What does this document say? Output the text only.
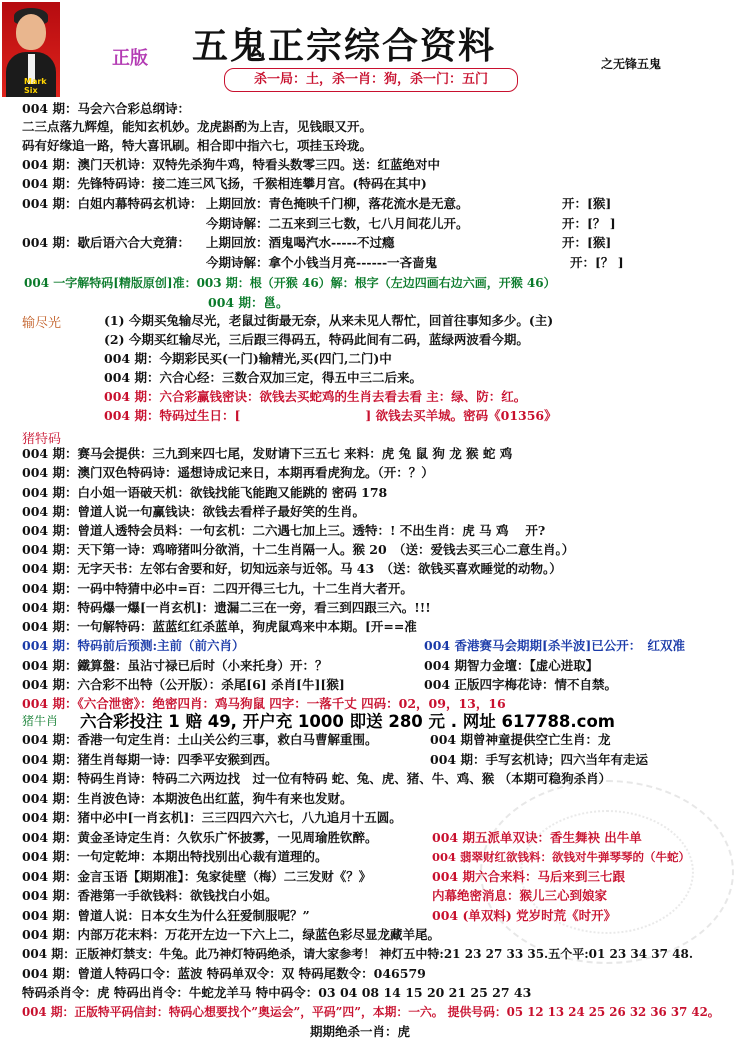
Mark Six
正版 五鬼正宗综合资料	之无锋五鬼
杀一局：土，杀一肖：狗，杀一门：五门
004 期：马会六合彩总纲诗：
二三点落九辉煌，能知玄机妙。龙虎斟酌为上吉，见钱眼又开。
码有好缘追一路，特大喜讯刷。相合即中指六七，项挂玉玲珑。
004 期：澳门天机诗：双特先杀狗牛鸡，特看头数零三四。送：红蓝绝对中
004 期：先锋特码诗：接二连三风飞扬，千猴相连攀月宫。(特码在其中)
004 期：白姐内幕特码玄机诗： 上期回放：青色掩映千门柳，落花流水是无意。	开：[猴]
今期诗解：二五来到三七数，七八月间花儿开。	开：[？ ]
004 期：歇后语六合大竞猜： 上期回放：酒鬼喝汽水-----不过瘾	开：[猴]
今期诗解：拿个小钱当月亮------一吝啬鬼	开：[？ ]
004 一字解特码[精版原创]准：003 期：根（开猴 46）解：根字（左边四画右边六画，开猴 46）
004 期：邕。
输尽光	(1) 今期买兔输尽光，老鼠过街最无奈，从来未见人帮忙，回首往事知多少。(主)
(2) 今期买红输尽光，三后跟三得码五，特码此间有二码，蓝绿两波看今期。
004 期：今期彩民买(一门)输精光,买(四门,二门)中
004 期：六合心经：三数合双加三定，得五中三二后来。
004 期：六合彩赢钱密诀：欲钱去买蛇鸡的生肖去看去看 主：绿、防：红。
004 期：特码过生日：[　　　　　　　　　　] 欲钱去买羊城。密码《01356》
猪特码
004 期：赛马会提供：三九到来四七尾，发财请下三五七 来料：虎 兔 鼠 狗 龙 猴 蛇 鸡
004 期：澳门双色特码诗：遥想诗成记来日，本期再看虎狗龙。（开：？）
004 期：白小姐一语破天机：欲钱找能飞能跑又能跳的 密码 178
004 期：曾道人说一句赢钱诀：欲钱去看样子最好笑的生肖。
004 期：曾道人透特会员料：一句玄机：二六遇七加上三。透特：! 不出生肖：虎 马 鸡　 开?
004 期：天下第一诗：鸡啼猪叫分欲消，十二生肖隔一人。猴 20　（送：爱钱去买三心二意生肖。）
004 期：无字天书：左邻右舍要和好，切知远亲与近邻。马 43　（送：欲钱买喜欢睡觉的动物。）
004 期：一码中特猜中必中=百：二四开得三七九，十二生肖大者开。
004 期：特码爆一爆[一肖玄机]：遗漏二三在一旁，看三到四跟三六。!!!
004 期：一句解特码：蓝蓝红红杀蓝单，狗虎鼠鸡来中本期。[开==准
004 期：特码前后预测:主前（前六肖）	004 香港赛马会期期[杀半波]已公开：　红双准
004 期：鐵算盤：虽沾寸禄已后时（小来托身）开：？	004 期智力金壇：【虚心进取】
004 期：六合彩不出特（公开版）：杀尾[6] 杀肖[牛][猴]	004 正版四字梅花诗：情不自禁。
004 期：《六合泄密》：绝密四肖：鸡马狗鼠 四字：一落千丈 四码：02，09，13，16
猪牛肖 六合彩投注 1 赔 49, 开户充 1000 即送 280 元 . 网址 617788.com
004 期：香港一句定生肖：土山关公约三事，救白马曹解重围。	004 期曾神童提供空亡生肖：龙
004 期：猪生肖每期一诗：四季平安猴到西。	004 期：手写玄机诗；四六当年有走运
004 期：特码生肖诗：特码二六两边找　过一位有特码 蛇、兔、虎、猪、牛、鸡、猴 （本期可稳狗杀肖）
004 期：生肖波色诗：本期波色出红蓝，狗牛有来也发财。
004 期：猪中必中[一肖玄机]：三三四四六六七，八九追月十五圆。
004 期：黄金圣诗定生肖：久钦乐广怀披雾，一见周瑜胜钦醉。	004 期五派单双诀：香生舞袂 出牛单
004 期：一句定乾坤：本期出特找别出心裁有道理的。	004 翡翠财红欲钱料：欲钱对牛弹琴琴的（牛蛇）
004 期：金言玉语【期期准】：兔家徒壁（梅）二三发财《？》	004 期六合来料：马后来到三七跟
004 期：香港第一手欲钱料：欲钱找白小姐。	内幕绝密消息：猴儿三心到娘家
004 期：曾道人说：日本女生为什么狂爱制服呢？”	004 (单双料) 党岁时荒《时开》
004 期：内部万花末料：万花开左边一下六上二，绿蓝色彩尽显龙藏羊尾。
004 期：正版神灯禁支：牛兔。此乃神灯特码绝杀，请大家参考！ 神灯五中特:21 23 27 33 35.五个平:01 23 34 37 48.
004 期：曾道人特码口令：蓝波 特码单双令：双 特码尾数令：046579
特码杀肖令：虎 特码出肖令：牛蛇龙羊马 特中码令：03 04 08 14 15 20 21 25 27 43
004 期：正版特平码信封：特码心想要找个”奥运会”，平码”四”，本期：一六。 提供号码：05 12 13 24 25 26 32 36 37 42。
期期绝杀一肖：虎
